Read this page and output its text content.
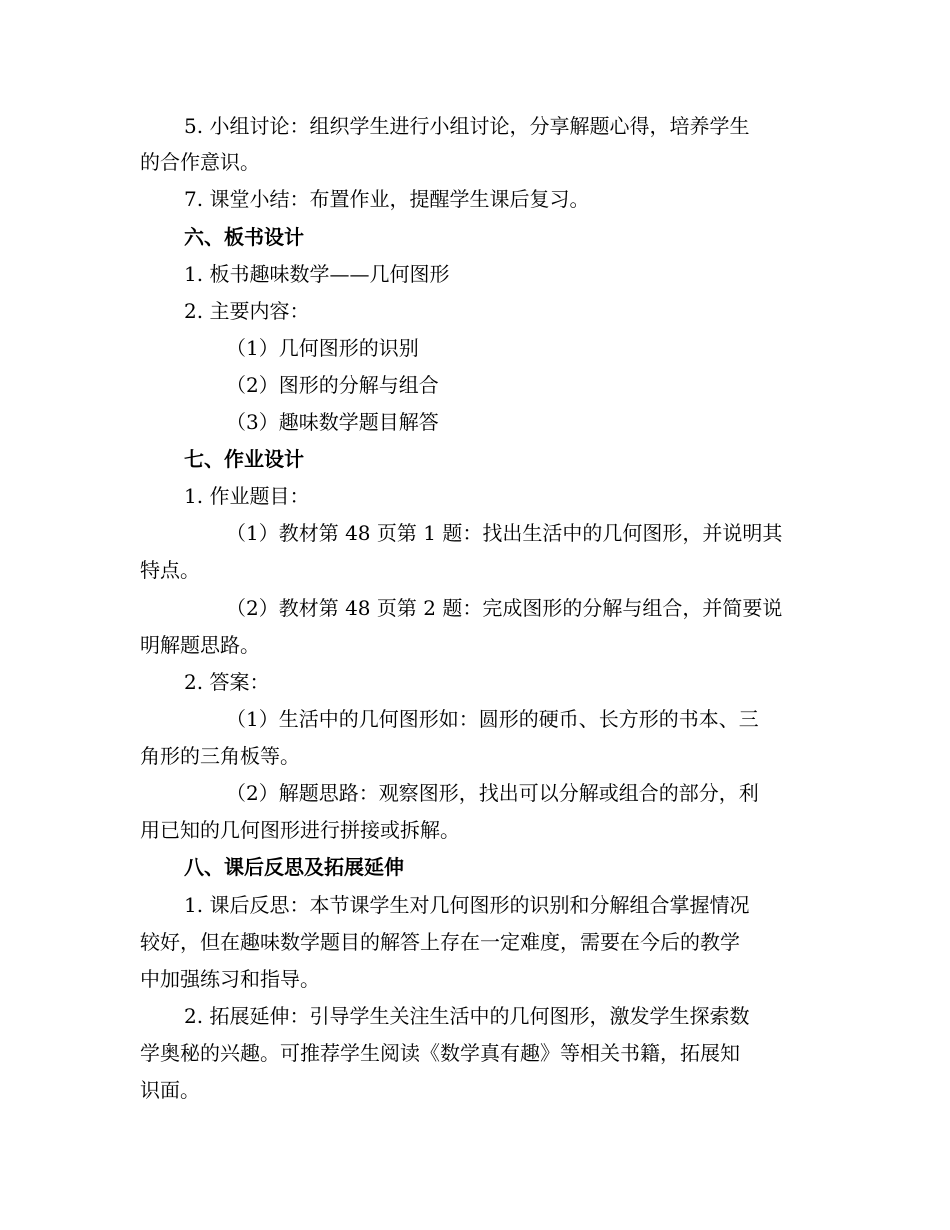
5. 小组讨论：组织学生进行小组讨论，分享解题心得，培养学生
的合作意识。
7. 课堂小结：布置作业，提醒学生课后复习。
六、板书设计
1. 板书趣味数学——几何图形
2. 主要内容：
（1）几何图形的识别
（2）图形的分解与组合
（3）趣味数学题目解答
七、作业设计
1. 作业题目：
（1）教材第 48 页第 1 题：找出生活中的几何图形，并说明其
特点。
（2）教材第 48 页第 2 题：完成图形的分解与组合，并简要说
明解题思路。
2. 答案：
（1）生活中的几何图形如：圆形的硬币、长方形的书本、三
角形的三角板等。
（2）解题思路：观察图形，找出可以分解或组合的部分，利
用已知的几何图形进行拼接或拆解。
八、课后反思及拓展延伸
1. 课后反思：本节课学生对几何图形的识别和分解组合掌握情况
较好，但在趣味数学题目的解答上存在一定难度，需要在今后的教学
中加强练习和指导。
2. 拓展延伸：引导学生关注生活中的几何图形，激发学生探索数
学奥秘的兴趣。可推荐学生阅读《数学真有趣》等相关书籍，拓展知
识面。
